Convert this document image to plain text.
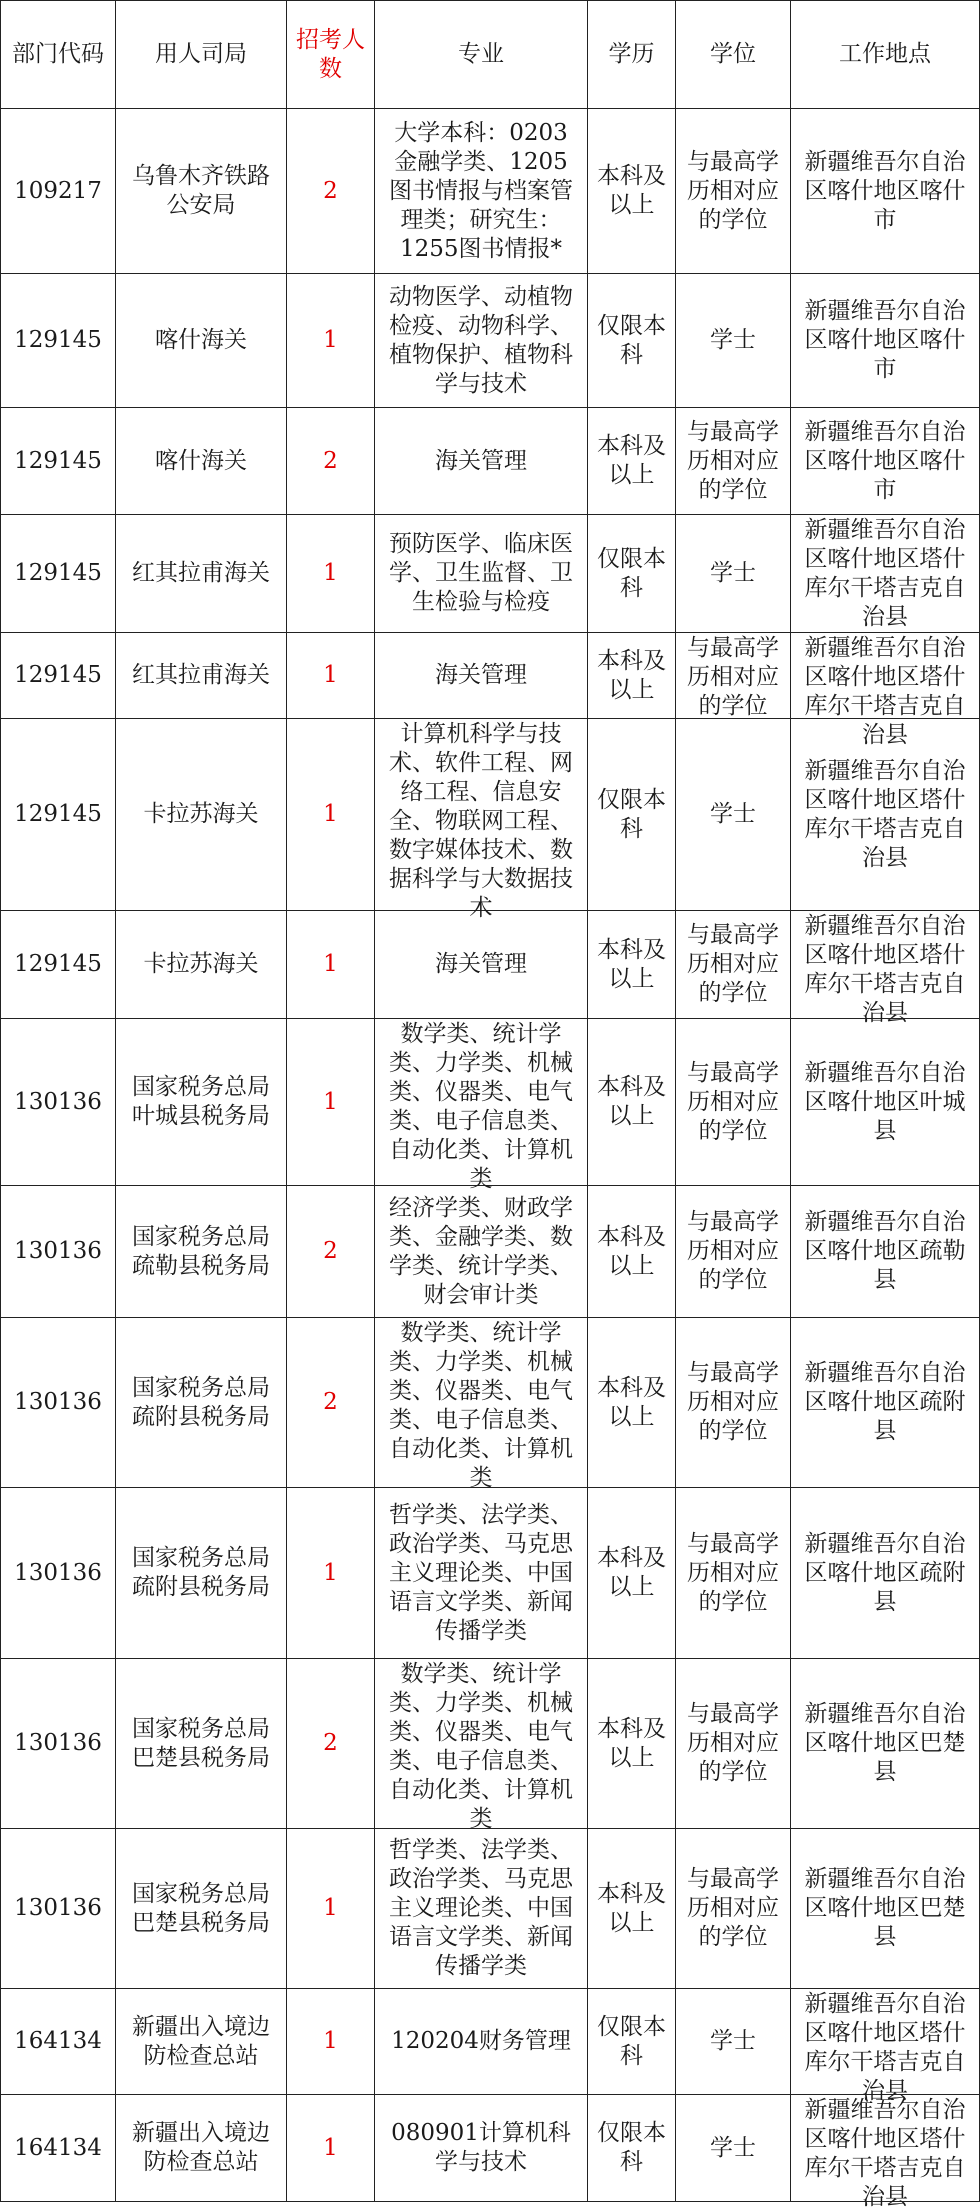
部门代码	用人司局	招考人数	专业	学历	学位	工作地点

109217	乌鲁木齐铁路公安局	2	大学本科：0203金融学类、1205图书情报与档案管理类；研究生：1255图书情报*	本科及以上	与最高学历相对应的学位	新疆维吾尔自治区喀什地区喀什市

129145	喀什海关	1	动物医学、动植物检疫、动物科学、植物保护、植物科学与技术	仅限本科	学士	新疆维吾尔自治区喀什地区喀什市

129145	喀什海关	2	海关管理	本科及以上	与最高学历相对应的学位	新疆维吾尔自治区喀什地区喀什市

129145	红其拉甫海关	1	预防医学、临床医学、卫生监督、卫生检验与检疫	仅限本科	学士	新疆维吾尔自治区喀什地区塔什库尔干塔吉克自治县

129145	红其拉甫海关	1	海关管理	本科及以上	与最高学历相对应的学位	新疆维吾尔自治区喀什地区塔什库尔干塔吉克自治县

129145	卡拉苏海关	1	计算机科学与技术、软件工程、网络工程、信息安全、物联网工程、数字媒体技术、数据科学与大数据技术	仅限本科	学士	新疆维吾尔自治区喀什地区塔什库尔干塔吉克自治县

129145	卡拉苏海关	1	海关管理	本科及以上	与最高学历相对应的学位	新疆维吾尔自治区喀什地区塔什库尔干塔吉克自治县

130136	国家税务总局叶城县税务局	1	数学类、统计学类、力学类、机械类、仪器类、电气类、电子信息类、自动化类、计算机类	本科及以上	与最高学历相对应的学位	新疆维吾尔自治区喀什地区叶城县

130136	国家税务总局疏勒县税务局	2	经济学类、财政学类、金融学类、数学类、统计学类、财会审计类	本科及以上	与最高学历相对应的学位	新疆维吾尔自治区喀什地区疏勒县

130136	国家税务总局疏附县税务局	2	数学类、统计学类、力学类、机械类、仪器类、电气类、电子信息类、自动化类、计算机类	本科及以上	与最高学历相对应的学位	新疆维吾尔自治区喀什地区疏附县

130136	国家税务总局疏附县税务局	1	哲学类、法学类、政治学类、马克思主义理论类、中国语言文学类、新闻传播学类	本科及以上	与最高学历相对应的学位	新疆维吾尔自治区喀什地区疏附县

130136	国家税务总局巴楚县税务局	2	数学类、统计学类、力学类、机械类、仪器类、电气类、电子信息类、自动化类、计算机类	本科及以上	与最高学历相对应的学位	新疆维吾尔自治区喀什地区巴楚县

130136	国家税务总局巴楚县税务局	1	哲学类、法学类、政治学类、马克思主义理论类、中国语言文学类、新闻传播学类	本科及以上	与最高学历相对应的学位	新疆维吾尔自治区喀什地区巴楚县

164134	新疆出入境边防检查总站	1	120204财务管理	仅限本科	学士	新疆维吾尔自治区喀什地区塔什库尔干塔吉克自治县

164134	新疆出入境边防检查总站	1	080901计算机科学与技术	仅限本科	学士	新疆维吾尔自治区喀什地区塔什库尔干塔吉克自治县
